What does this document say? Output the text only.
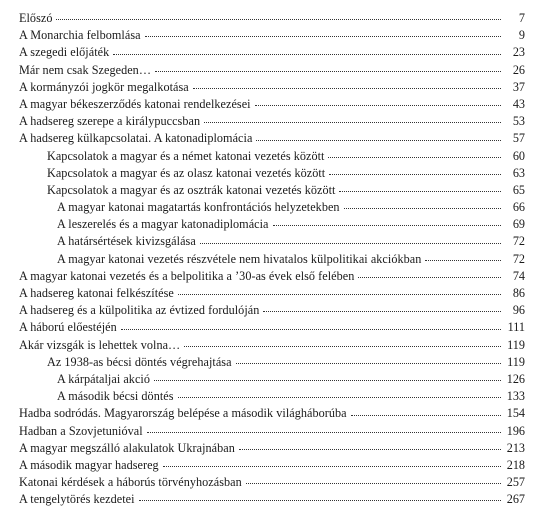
Előszó	7
A Monarchia felbomlása	9
A szegedi előjáték	23
Már nem csak Szegeden…	26
A kormányzói jogkör megalkotása	37
A magyar békeszerződés katonai rendelkezései	43
A hadsereg szerepe a királypuccsban	53
A hadsereg külkapcsolatai. A katonadiplomácia	57
Kapcsolatok a magyar és a német katonai vezetés között	60
Kapcsolatok a magyar és az olasz katonai vezetés között	63
Kapcsolatok a magyar és az osztrák katonai vezetés között	65
A magyar katonai magatartás konfrontációs helyzetekben	66
A leszerelés és a magyar katonadiplomácia	69
A határsértések kivizsgálása	72
A magyar katonai vezetés részvétele nem hivatalos külpolitikai akciókban	72
A magyar katonai vezetés és a belpolitika a ’30-as évek első felében	74
A hadsereg katonai felkészítése	86
A hadsereg és a külpolitika az évtized fordulóján	96
A háború előestéjén	111
Akár vizsgák is lehettek volna…	119
Az 1938-as bécsi döntés végrehajtása	119
A kárpátaljai akció	126
A második bécsi döntés	133
Hadba sodródás. Magyarország belépése a második világháborúba	154
Hadban a Szovjetunióval	196
A magyar megszálló alakulatok Ukrajnában	213
A második magyar hadsereg	218
Katonai kérdések a háborús törvényhozásban	257
A tengelytörés kezdetei	267
